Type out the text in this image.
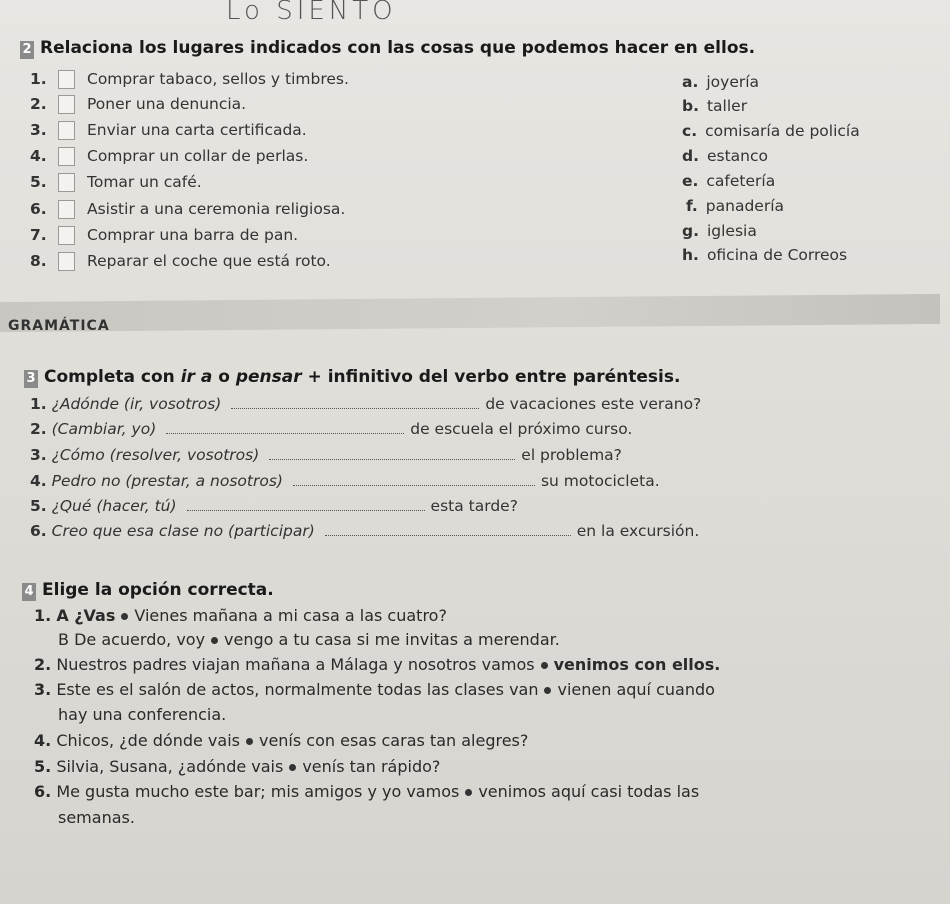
Lo SIENTO
2 Relaciona los lugares indicados con las cosas que podemos hacer en ellos.
1.	Comprar tabaco, sellos y timbres.
2.	Poner una denuncia.
3.	Enviar una carta certificada.
4.	Comprar un collar de perlas.
5.	Tomar un café.
6.	Asistir a una ceremonia religiosa.
7.	Comprar una barra de pan.
8.	Reparar el coche que está roto.
a. joyería
b. taller
c. comisaría de policía
d. estanco
e. cafetería
f. panadería
g. iglesia
h. oficina de Correos
GRAMÁTICA
3 Completa con ir a o pensar + infinitivo del verbo entre paréntesis.
1. ¿Adónde (ir, vosotros)	de vacaciones este verano?
2. (Cambiar, yo)	de escuela el próximo curso.
3. ¿Cómo (resolver, vosotros)	el problema?
4. Pedro no (prestar, a nosotros)	su motocicleta.
5. ¿Qué (hacer, tú)	esta tarde?
6. Creo que esa clase no (participar)	en la excursión.
4 Elige la opción correcta.
1. A ¿Vas Vienes mañana a mi casa a las cuatro?
B De acuerdo, voy vengo a tu casa si me invitas a merendar.
2. Nuestros padres viajan mañana a Málaga y nosotros vamos venimos con ellos.
3. Este es el salón de actos, normalmente todas las clases van vienen aquí cuando
hay una conferencia.
4. Chicos, ¿de dónde vais venís con esas caras tan alegres?
5. Silvia, Susana, ¿adónde vais venís tan rápido?
6. Me gusta mucho este bar; mis amigos y yo vamos venimos aquí casi todas las
semanas.
